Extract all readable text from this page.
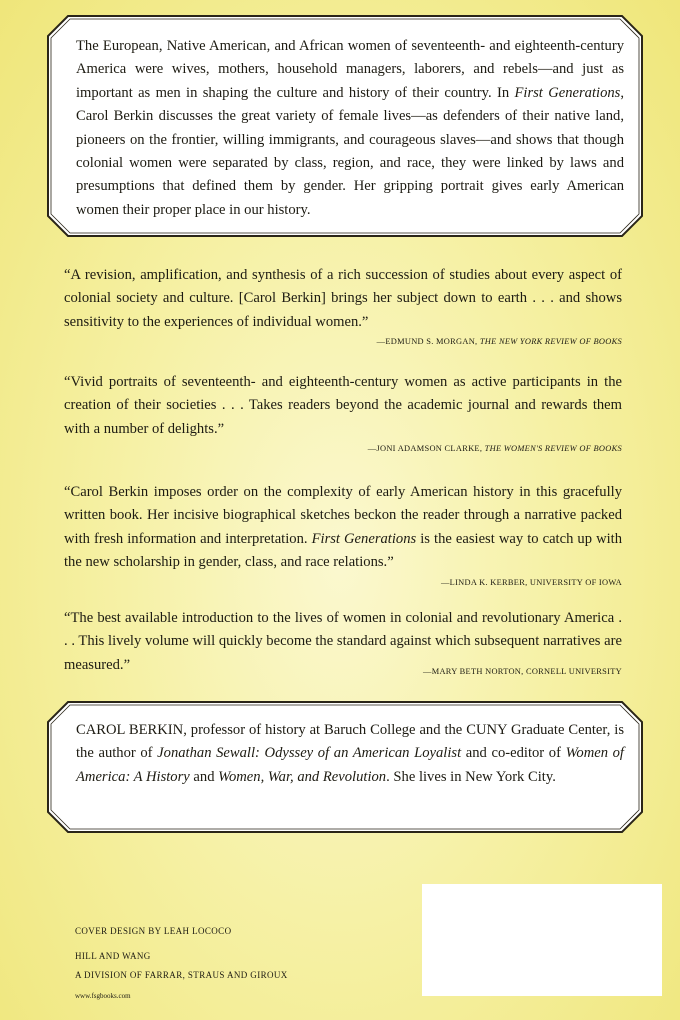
The European, Native American, and African women of seventeenth- and eighteenth-century America were wives, mothers, household managers, laborers, and rebels—and just as important as men in shaping the culture and history of their country. In First Generations, Carol Berkin discusses the great variety of female lives—as defenders of their native land, pioneers on the frontier, willing immigrants, and courageous slaves—and shows that though colonial women were separated by class, region, and race, they were linked by laws and presumptions that defined them by gender. Her gripping portrait gives early American women their proper place in our history.

“A revision, amplification, and synthesis of a rich succession of studies about every aspect of colonial society and culture. [Carol Berkin] brings her subject down to earth . . . and shows sensitivity to the experiences of individual women.”

—EDMUND S. MORGAN, THE NEW YORK REVIEW OF BOOKS

“Vivid portraits of seventeenth- and eighteenth-century women as active participants in the creation of their societies . . . Takes readers beyond the academic journal and rewards them with a number of delights.”

—JONI ADAMSON CLARKE, THE WOMEN'S REVIEW OF BOOKS

“Carol Berkin imposes order on the complexity of early American history in this gracefully written book. Her incisive biographical sketches beckon the reader through a narrative packed with fresh information and interpretation. First Generations is the easiest way to catch up with the new scholarship in gender, class, and race relations.”

—LINDA K. KERBER, UNIVERSITY OF IOWA

“The best available introduction to the lives of women in colonial and revolutionary America . . . This lively volume will quickly become the standard against which subsequent narratives are measured.”	—MARY BETH NORTON, CORNELL UNIVERSITY

CAROL BERKIN, professor of history at Baruch College and the CUNY Graduate Center, is the author of Jonathan Sewall: Odyssey of an American Loyalist and co-editor of Women of America: A History and Women, War, and Revolution. She lives in New York City.

COVER DESIGN BY LEAH LOCOCO
HILL AND WANG
A DIVISION OF FARRAR, STRAUS AND GIROUX
www.fsgbooks.com
